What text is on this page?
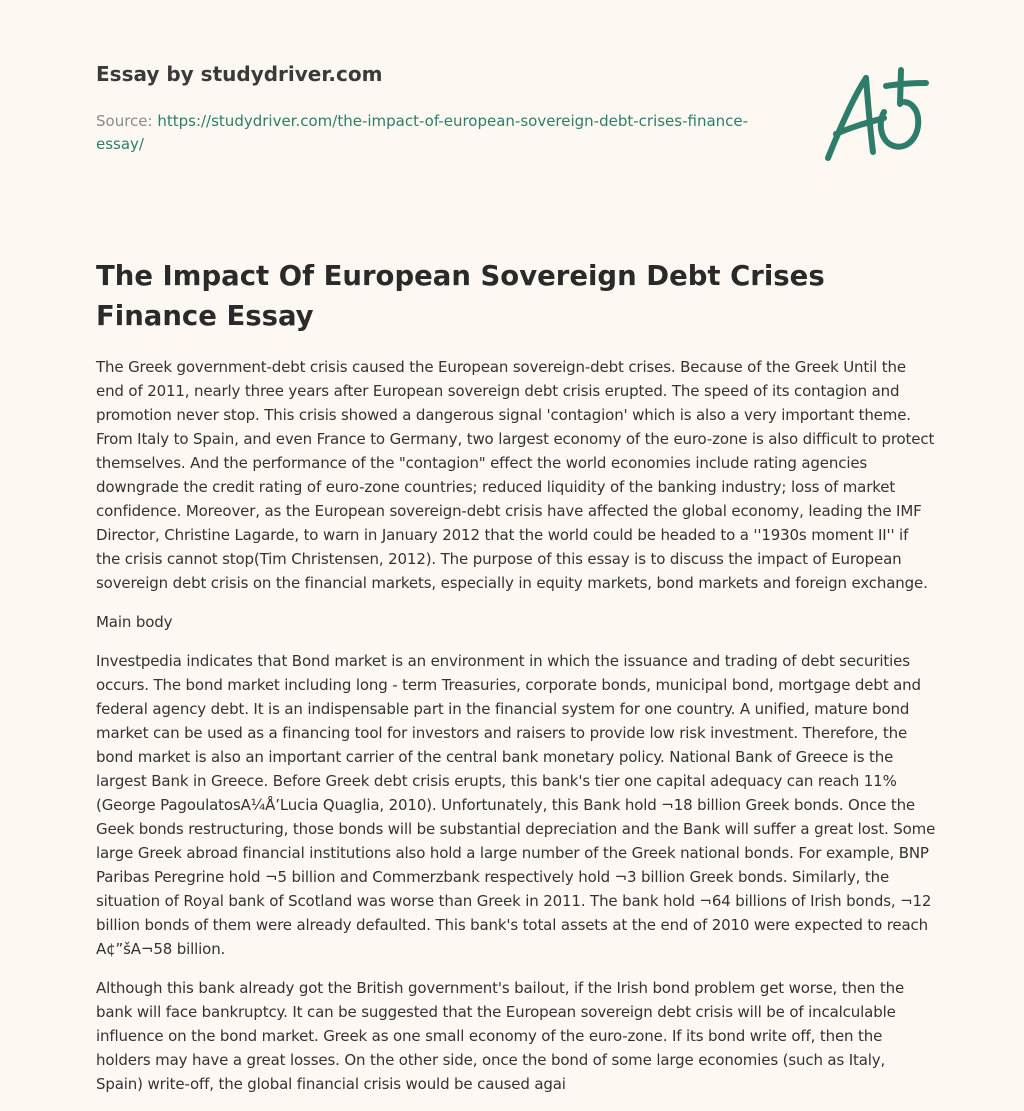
Essay by studydriver.com
Source: https://studydriver.com/the-impact-of-european-sovereign-debt-crises-finance-essay/
The Impact Of European Sovereign Debt Crises Finance Essay

The Greek government-debt crisis caused the European sovereign-debt crises. Because of the Greek Until the end of 2011, nearly three years after European sovereign debt crisis erupted. The speed of its contagion and promotion never stop. This crisis showed a dangerous signal 'contagion' which is also a very important theme. From Italy to Spain, and even France to Germany, two largest economy of the euro-zone is also difficult to protect themselves. And the performance of the "contagion" effect the world economies include rating agencies downgrade the credit rating of euro-zone countries; reduced liquidity of the banking industry; loss of market confidence. Moreover, as the European sovereign-debt crisis have affected the global economy, leading the IMF Director, Christine Lagarde, to warn in January 2012 that the world could be headed to a ''1930s moment II'' if the crisis cannot stop(Tim Christensen, 2012). The purpose of this essay is to discuss the impact of European sovereign debt crisis on the financial markets, especially in equity markets, bond markets and foreign exchange.

Main body

Investpedia indicates that Bond market is an environment in which the issuance and trading of debt securities occurs. The bond market including long - term Treasuries, corporate bonds, municipal bond, mortgage debt and federal agency debt. It is an indispensable part in the financial system for one country. A unified, mature bond market can be used as a financing tool for investors and raisers to provide low risk investment. Therefore, the bond market is also an important carrier of the central bank monetary policy. National Bank of Greece is the largest Bank in Greece. Before Greek debt crisis erupts, this bank's tier one capital adequacy can reach 11% (George PagoulatosA¼Å’Lucia Quaglia, 2010). Unfortunately, this Bank hold ¬18 billion Greek bonds. Once the Geek bonds restructuring, those bonds will be substantial depreciation and the Bank will suffer a great lost. Some large Greek abroad financial institutions also hold a large number of the Greek national bonds. For example, BNP Paribas Peregrine hold ¬5 billion and Commerzbank respectively hold ¬3 billion Greek bonds. Similarly, the situation of Royal bank of Scotland was worse than Greek in 2011. The bank hold ¬64 billions of Irish bonds, ¬12 billion bonds of them were already defaulted. This bank's total assets at the end of 2010 were expected to reach A¢”šA¬58 billion.

Although this bank already got the British government's bailout, if the Irish bond problem get worse, then the bank will face bankruptcy. It can be suggested that the European sovereign debt crisis will be of incalculable influence on the bond market. Greek as one small economy of the euro-zone. If its bond write off, then the holders may have a great losses. On the other side, once the bond of some large economies (such as Italy, Spain) write-off, the global financial crisis would be caused agai
